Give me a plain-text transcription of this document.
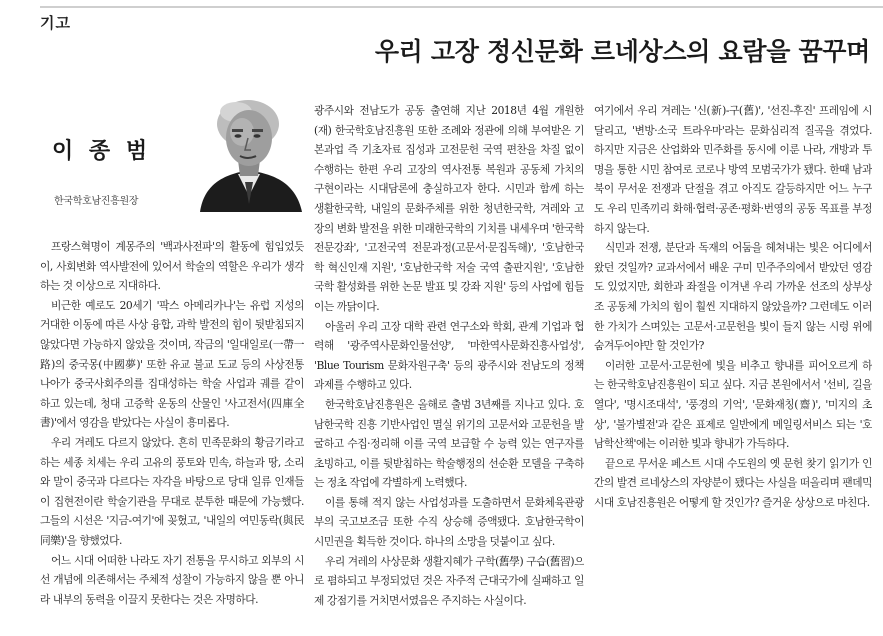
기고
우리 고장 정신문화 르네상스의 요람을 꿈꾸며
이 종 범
한국학호남진흥원장

프랑스혁명이 계몽주의 '백과사전파'의 활동에 힘입었듯이, 사회변화 역사발전에 있어서 학술의 역할은 우리가 생각하는 것 이상으로 지대하다.

비근한 예로도 20세기 '팍스 아메리카나'는 유럽 지성의 거대한 이동에 따른 사상 융합, 과학 발전의 힘이 뒷받침되지 않았다면 가능하지 않았을 것이며, 작금의 '일대일로(一帶一路)의 중국몽(中國夢)' 또한 유교 불교 도교 등의 사상전통 나아가 중국사회주의를 집대성하는 학술 사업과 궤를 같이하고 있는데, 청대 고증학 운동의 산물인 '사고전서(四庫全書)'에서 영감을 받았다는 사실이 흥미롭다.

우리 겨레도 다르지 않았다. 흔히 민족문화의 황금기라고 하는 세종 치세는 우리 고유의 풍토와 민속, 하늘과 땅, 소리와 말이 중국과 다르다는 자각을 바탕으로 당대 일류 인재들이 집현전이란 학술기관을 무대로 분투한 때문에 가능했다. 그들의 시선은 '지금-여기'에 꽂혔고, '내일의 여민동락(與民同樂)'을 향했었다.

어느 시대 어떠한 나라도 자기 전통을 무시하고 외부의 시선 개념에 의존해서는 주체적 성찰이 가능하지 않을 뿐 아니라 내부의 동력을 이끌지 못한다는 것은 자명하다.

광주시와 전남도가 공동 출연해 지난 2018년 4월 개원한 (재) 한국학호남진흥원 또한 조례와 정관에 의해 부여받은 기본과업 즉 기초자료 집성과 고전문헌 국역 편찬을 차질 없이 수행하는 한편 우리 고장의 역사전통 복원과 공동체 가치의 구현이라는 시대담론에 충실하고자 한다. 시민과 함께 하는 생활한국학, 내일의 문화주체를 위한 청년한국학, 겨레와 고장의 변화 발전을 위한 미래한국학의 기치를 내세우며 '한국학 전문강좌', '고전국역 전문과정(고문서·문집독해)', '호남한국학 혁신인재 지원', '호남한국학 저술 국역 출판지원', '호남한국학 활성화를 위한 논문 발표 및 강좌 지원' 등의 사업에 힘들이는 까닭이다.

아울러 우리 고장 대학 관련 연구소와 학회, 관계 기업과 협력해 '광주역사문화인물선양', '마한역사문화진흥사업성', 'Blue Tourism 문화자원구축' 등의 광주시와 전남도의 정책과제를 수행하고 있다.

한국학호남진흥원은 올해로 출범 3년째를 지나고 있다. 호남한국학 진흥 기반사업인 멸실 위기의 고문서와 고문헌을 발굴하고 수집·정리해 이를 국역 보급할 수 능력 있는 연구자를 초빙하고, 이를 뒷받침하는 학술행정의 선순환 모델을 구축하는 정초 작업에 각별하게 노력했다.

이를 통해 적지 않는 사업성과를 도출하면서 문화체육관광부의 국고보조금 또한 수직 상승해 증액됐다. 호남한국학이 시민권을 획득한 것이다. 하나의 소망을 덧붙이고 싶다.

우리 겨레의 사상문화 생활지혜가 구학(舊學) 구습(舊習)으로 폄하되고 부정되었던 것은 자주적 근대국가에 실패하고 일제 강점기를 거치면서였음은 주지하는 사실이다.

여기에서 우리 겨레는 '신(新)-구(舊)', '선진-후진' 프레임에 시달리고, '변방·소국 트라우마'라는 문화심리적 질곡을 겪었다. 하지만 지금은 산업화와 민주화를 동시에 이룬 나라, 개방과 투명을 통한 시민 참여로 코로나 방역 모범국가가 됐다. 한때 남과 북이 무서운 전쟁과 단절을 겪고 아직도 갈등하지만 어느 누구도 우리 민족끼리 화해·협력·공존·평화·번영의 공동 목표를 부정하지 않는다.

식민과 전쟁, 분단과 독재의 어둠을 헤쳐내는 빛은 어디에서 왔던 것일까? 교과서에서 배운 구미 민주주의에서 받았던 영감도 있었지만, 회한과 좌절을 이겨낸 우리 가까운 선조의 상부상조 공동체 가치의 힘이 훨씬 지대하지 않았을까? 그런데도 이러한 가치가 스며있는 고문서·고문헌을 빛이 들지 않는 시렁 위에 숨겨두어야만 할 것인가?

이러한 고문서·고문헌에 빛을 비추고 향내를 피어오르게 하는 한국학호남진흥원이 되고 싶다. 지금 본원에서서 '선비, 길을 열다', '명시조대석', '풍경의 기억', '문화재칭(齋)', '미지의 초상', '불가별전'과 같은 표제로 일반에게 메일링서비스 되는 '호남학산책'에는 이러한 빛과 향내가 가득하다.

끝으로 무서운 페스트 시대 수도원의 옛 문헌 찾기 읽기가 인간의 발견 르네상스의 자양분이 됐다는 사실을 떠올리며 팬데믹 시대 호남진흥원은 어떻게 할 것인가? 즐거운 상상으로 마친다.
